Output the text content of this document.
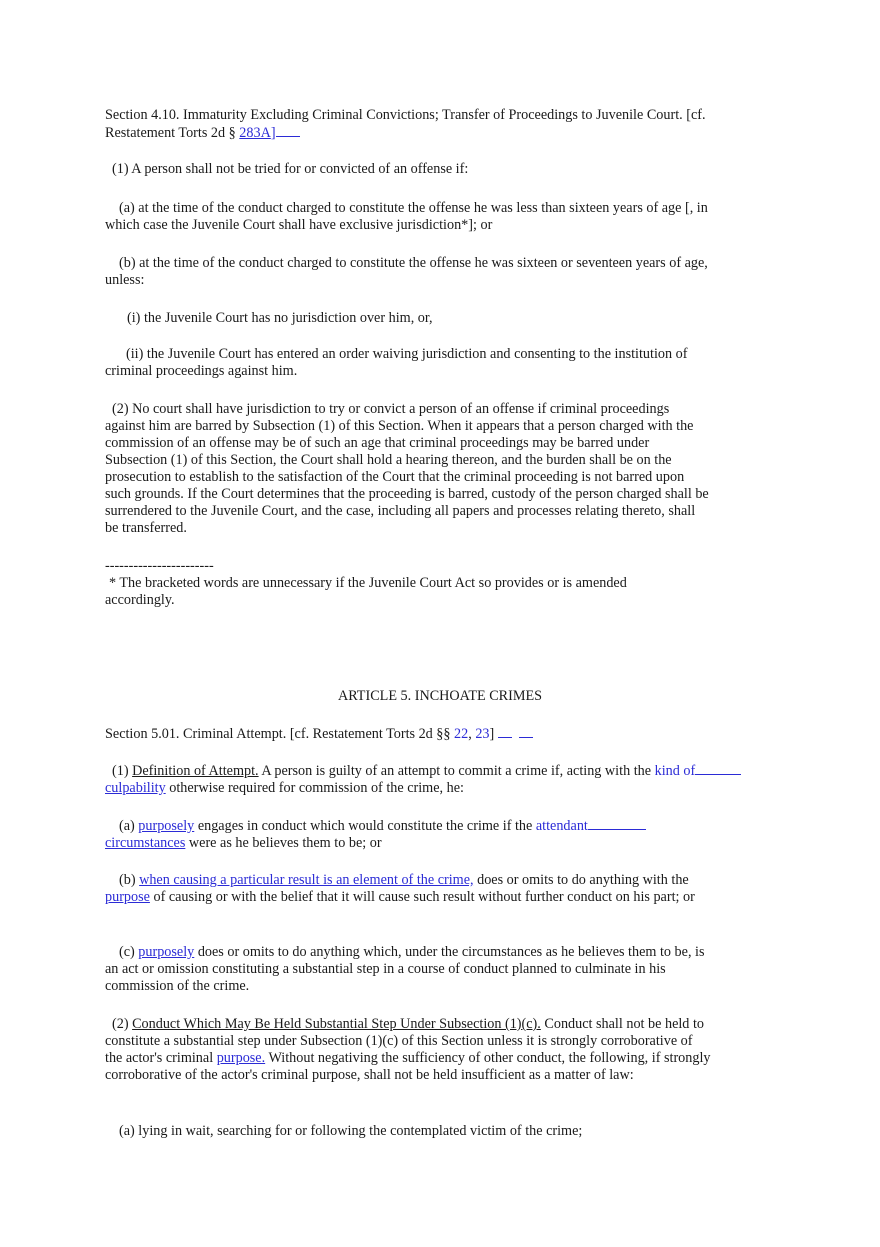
Section 4.10. Immaturity Excluding Criminal Convictions; Transfer of Proceedings to Juvenile Court. [cf. Restatement Torts 2d § 283A]

(1) A person shall not be tried for or convicted of an offense if:

(a) at the time of the conduct charged to constitute the offense he was less than sixteen years of age [, in which case the Juvenile Court shall have exclusive jurisdiction*]; or

(b) at the time of the conduct charged to constitute the offense he was sixteen or seventeen years of age, unless:

(i) the Juvenile Court has no jurisdiction over him, or,

(ii) the Juvenile Court has entered an order waiving jurisdiction and consenting to the institution of criminal proceedings against him.

(2) No court shall have jurisdiction to try or convict a person of an offense if criminal proceedings against him are barred by Subsection (1) of this Section. When it appears that a person charged with the commission of an offense may be of such an age that criminal proceedings may be barred under Subsection (1) of this Section, the Court shall hold a hearing thereon, and the burden shall be on the prosecution to establish to the satisfaction of the Court that the criminal proceeding is not barred upon such grounds. If the Court determines that the proceeding is barred, custody of the person charged shall be surrendered to the Juvenile Court, and the case, including all papers and processes relating thereto, shall be transferred.

-----------------------

* The bracketed words are unnecessary if the Juvenile Court Act so provides or is amended accordingly.

ARTICLE 5. INCHOATE CRIMES

Section 5.01. Criminal Attempt. [cf. Restatement Torts 2d §§ 22, 23]

(1) Definition of Attempt. A person is guilty of an attempt to commit a crime if, acting with the kind of culpability otherwise required for commission of the crime, he:

(a) purposely engages in conduct which would constitute the crime if the attendant circumstances were as he believes them to be; or

(b) when causing a particular result is an element of the crime, does or omits to do anything with the purpose of causing or with the belief that it will cause such result without further conduct on his part; or

(c) purposely does or omits to do anything which, under the circumstances as he believes them to be, is an act or omission constituting a substantial step in a course of conduct planned to culminate in his commission of the crime.

(2) Conduct Which May Be Held Substantial Step Under Subsection (1)(c). Conduct shall not be held to constitute a substantial step under Subsection (1)(c) of this Section unless it is strongly corroborative of the actor's criminal purpose. Without negativing the sufficiency of other conduct, the following, if strongly corroborative of the actor's criminal purpose, shall not be held insufficient as a matter of law:

(a) lying in wait, searching for or following the contemplated victim of the crime;
